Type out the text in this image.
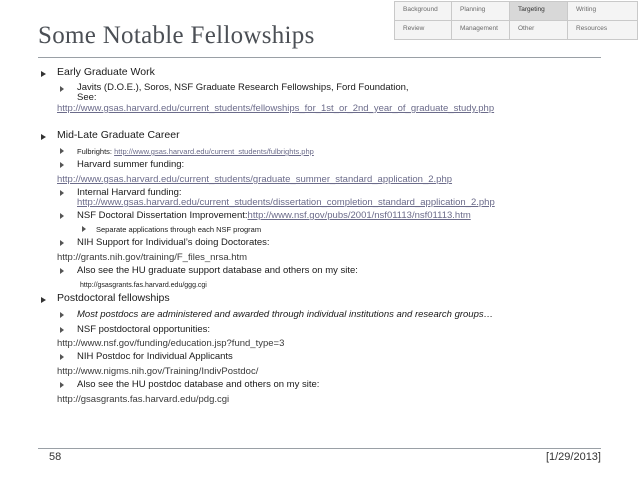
Some Notable Fellowships
Background	Planning	Targeting	Writing
Review	Management	Other	Resources
Early Graduate Work
Javits (D.O.E.), Soros, NSF Graduate Research Fellowships, Ford Foundation,
See:
http://www.gsas.harvard.edu/current_students/fellowships_for_1st_or_2nd_year_of_graduate_study.php
Mid-Late Graduate Career
Fulbrights: http://www.gsas.harvard.edu/current_students/fulbrights.php
Harvard summer funding:
http://www.gsas.harvard.edu/current_students/graduate_summer_standard_application_2.php
Internal Harvard funding:
http://www.gsas.harvard.edu/current_students/dissertation_completion_standard_application_2.php
NSF Doctoral Dissertation Improvement:http://www.nsf.gov/pubs/2001/nsf01113/nsf01113.htm
Separate applications through each NSF program
NIH Support for Individual’s doing Doctorates:
http://grants.nih.gov/training/F_files_nrsa.htm
Also see the HU graduate support database and others on my site:
http://gsasgrants.fas.harvard.edu/ggg.cgi
Postdoctoral fellowships
Most postdocs are administered and awarded through individual institutions and research groups…
NSF postdoctoral opportunities:
http://www.nsf.gov/funding/education.jsp?fund_type=3
NIH Postdoc for Individual Applicants
http://www.nigms.nih.gov/Training/IndivPostdoc/
Also see the HU postdoc database and others on my site:
http://gsasgrants.fas.harvard.edu/pdg.cgi
58	[1/29/2013]
